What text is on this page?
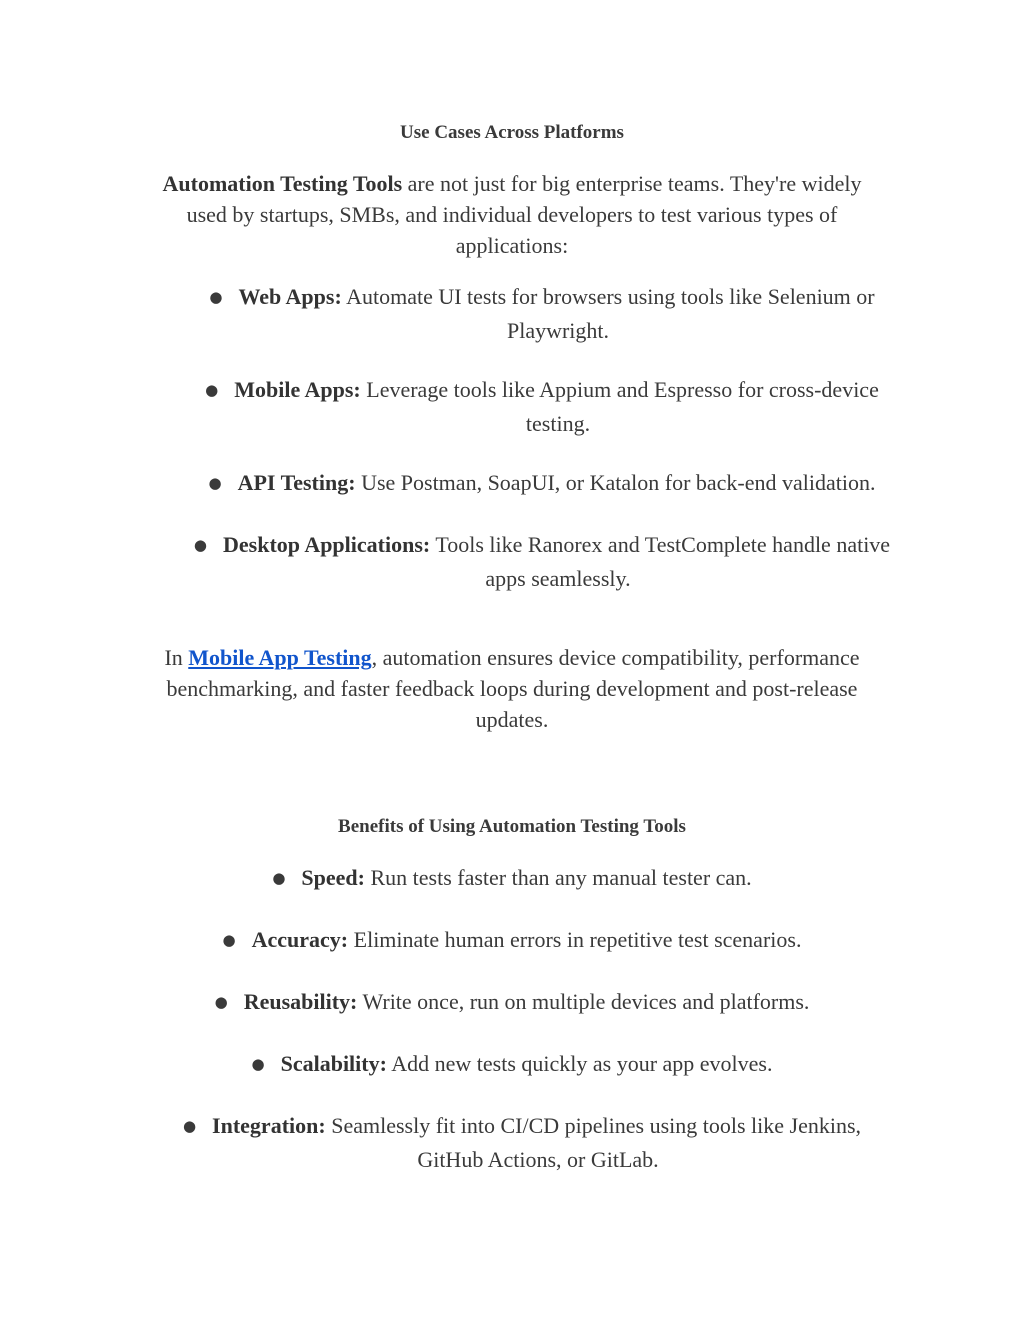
Use Cases Across Platforms

Automation Testing Tools are not just for big enterprise teams. They're widely
used by startups, SMBs, and individual developers to test various types of
applications:

● Web Apps: Automate UI tests for browsers using tools like Selenium or
Playwright.

● Mobile Apps: Leverage tools like Appium and Espresso for cross-device
testing.

● API Testing: Use Postman, SoapUI, or Katalon for back-end validation.

● Desktop Applications: Tools like Ranorex and TestComplete handle native
apps seamlessly.

In Mobile App Testing, automation ensures device compatibility, performance
benchmarking, and faster feedback loops during development and post-release
updates.

Benefits of Using Automation Testing Tools

● Speed: Run tests faster than any manual tester can.

● Accuracy: Eliminate human errors in repetitive test scenarios.

● Reusability: Write once, run on multiple devices and platforms.

● Scalability: Add new tests quickly as your app evolves.

● Integration: Seamlessly fit into CI/CD pipelines using tools like Jenkins,
GitHub Actions, or GitLab.
